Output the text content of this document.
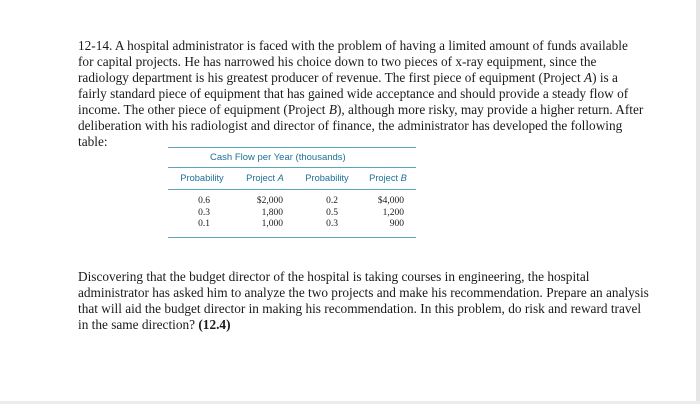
12-14. A hospital administrator is faced with the problem of having a limited amount of funds available
for capital projects. He has narrowed his choice down to two pieces of x-ray equipment, since the
radiology department is his greatest producer of revenue. The first piece of equipment (Project A) is a
fairly standard piece of equipment that has gained wide acceptance and should provide a steady flow of
income. The other piece of equipment (Project B), although more risky, may provide a higher return. After
deliberation with his radiologist and director of finance, the administrator has developed the following
table:
Cash Flow per Year (thousands)
Probability	Project A	Probability	Project B
0.6	$2,000	0.2	$4,000
0.3	1,800	0.5	1,200
0.1	1,000	0.3	900
Discovering that the budget director of the hospital is taking courses in engineering, the hospital
administrator has asked him to analyze the two projects and make his recommendation. Prepare an analysis
that will aid the budget director in making his recommendation. In this problem, do risk and reward travel
in the same direction? (12.4)
